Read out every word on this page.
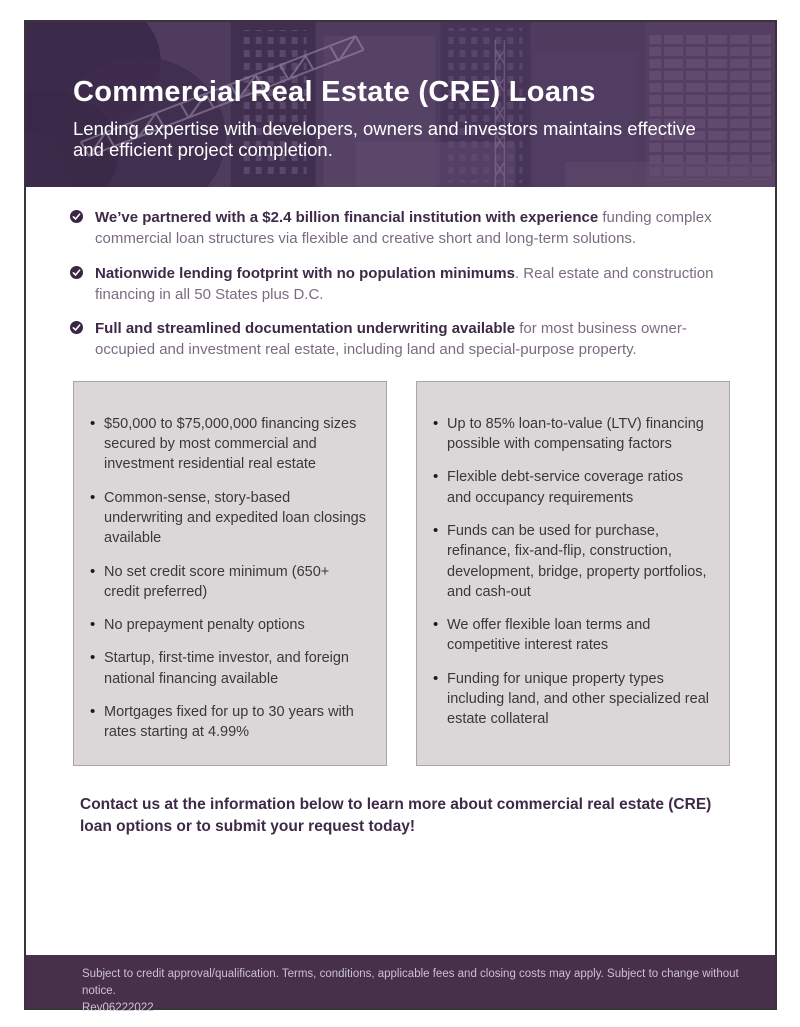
Commercial Real Estate (CRE) Loans

Lending expertise with developers, owners and investors maintains effective and efficient project completion.

We’ve partnered with a $2.4 billion financial institution with experience funding complex commercial loan structures via flexible and creative short and long-term solutions.

Nationwide lending footprint with no population minimums. Real estate and construction financing in all 50 States plus D.C.

Full and streamlined documentation underwriting available for most business owner-occupied and investment real estate, including land and special-purpose property.

• $50,000 to $75,000,000 financing sizes secured by most commercial and investment residential real estate
• Common-sense, story-based underwriting and expedited loan closings available
• No set credit score minimum (650+ credit preferred)
• No prepayment penalty options
• Startup, first-time investor, and foreign national financing available
• Mortgages fixed for up to 30 years with rates starting at 4.99%
• Up to 85% loan-to-value (LTV) financing possible with compensating factors
• Flexible debt-service coverage ratios and occupancy requirements
• Funds can be used for purchase, refinance, fix-and-flip, construction, development, bridge, property portfolios, and cash-out
• We offer flexible loan terms and competitive interest rates
• Funding for unique property types including land, and other specialized real estate collateral

Contact us at the information below to learn more about commercial real estate (CRE) loan options or to submit your request today!

Subject to credit approval/qualification. Terms, conditions, applicable fees and closing costs may apply. Subject to change without notice.
Rev06222022
